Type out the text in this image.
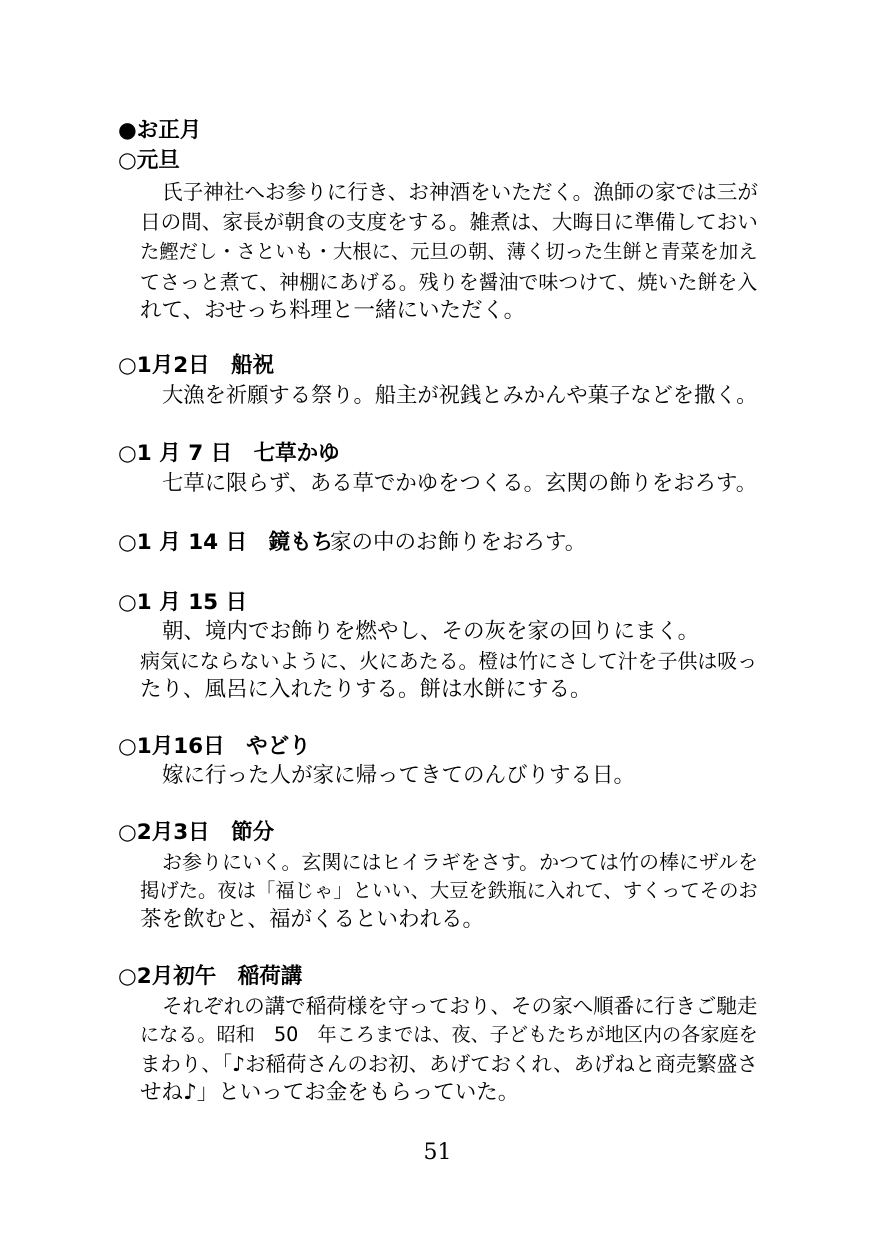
●お正月
○元旦
氏子神社へお参りに行き、お神酒をいただく。漁師の家では三が
日の間、家長が朝食の支度をする。雑煮は、大晦日に準備しておい
た鰹だし・さといも・大根に、元旦の朝、薄く切った生餅と青菜を加え
てさっと煮て、神棚にあげる。残りを醤油で味つけて、焼いた餅を入
れて、おせっち料理と一緒にいただく。
○1月2日　船祝
大漁を祈願する祭り。船主が祝銭とみかんや菓子などを撒く。
○1 月 7 日　七草かゆ
七草に限らず、ある草でかゆをつくる。玄関の飾りをおろす。
○1 月 14 日　鏡もち
家の中のお飾りをおろす。
○1 月 15 日
朝、境内でお飾りを燃やし、その灰を家の回りにまく。
病気にならないように、火にあたる。橙は竹にさして汁を子供は吸っ
たり、風呂に入れたりする。餅は水餅にする。
○1月16日　やどり
嫁に行った人が家に帰ってきてのんびりする日。
○2月3日　節分
お参りにいく。玄関にはヒイラギをさす。かつては竹の棒にザルを
掲げた。夜は「福じゃ」といい、大豆を鉄瓶に入れて、すくってそのお
茶を飲むと、福がくるといわれる。
○2月初午　稲荷講
それぞれの講で稲荷様を守っており、その家へ順番に行きご馳走
になる。昭和　50　年ころまでは、夜、子どもたちが地区内の各家庭を
まわり、「♪お稲荷さんのお初、あげておくれ、あげねと商売繁盛さ
せね♪」といってお金をもらっていた。
51
